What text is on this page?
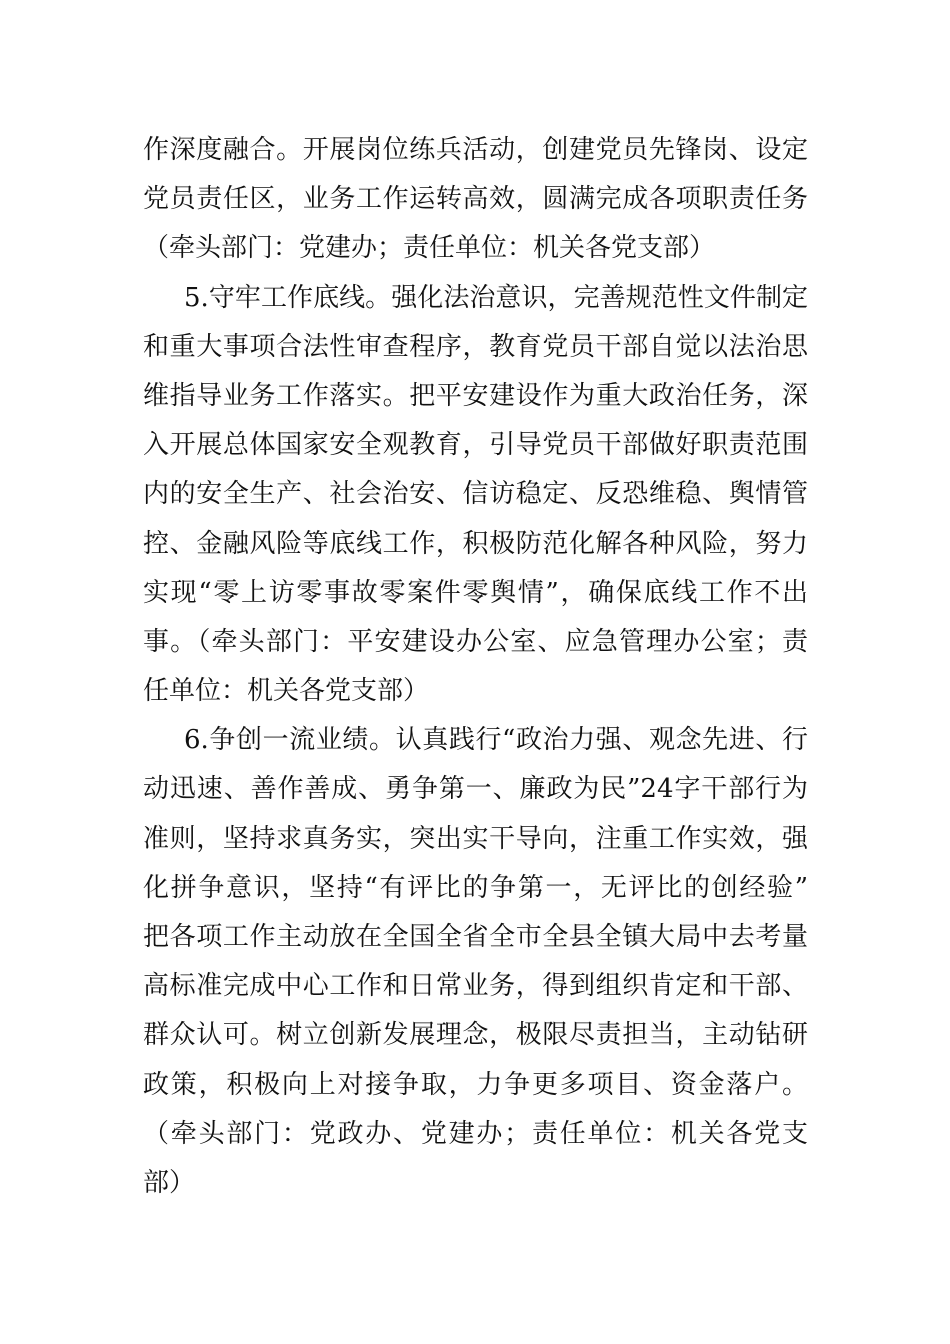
作深度融合。开展岗位练兵活动，创建党员先锋岗、设定
党员责任区，业务工作运转高效，圆满完成各项职责任务
（牵头部门：党建办；责任单位：机关各党支部）
5.守牢工作底线。强化法治意识，完善规范性文件制定
和重大事项合法性审查程序，教育党员干部自觉以法治思
维指导业务工作落实。把平安建设作为重大政治任务，深
入开展总体国家安全观教育，引导党员干部做好职责范围
内的安全生产、社会治安、信访稳定、反恐维稳、舆情管
控、金融风险等底线工作，积极防范化解各种风险，努力
实现“零上访零事故零案件零舆情”，确保底线工作不出
事。（牵头部门：平安建设办公室、应急管理办公室；责
任单位：机关各党支部）
6.争创一流业绩。认真践行“政治力强、观念先进、行
动迅速、善作善成、勇争第一、廉政为民”24字干部行为
准则，坚持求真务实，突出实干导向，注重工作实效，强
化拼争意识，坚持“有评比的争第一，无评比的创经验”
把各项工作主动放在全国全省全市全县全镇大局中去考量
高标准完成中心工作和日常业务，得到组织肯定和干部、
群众认可。树立创新发展理念，极限尽责担当，主动钻研
政策，积极向上对接争取，力争更多项目、资金落户。
（牵头部门：党政办、党建办；责任单位：机关各党支
部）
